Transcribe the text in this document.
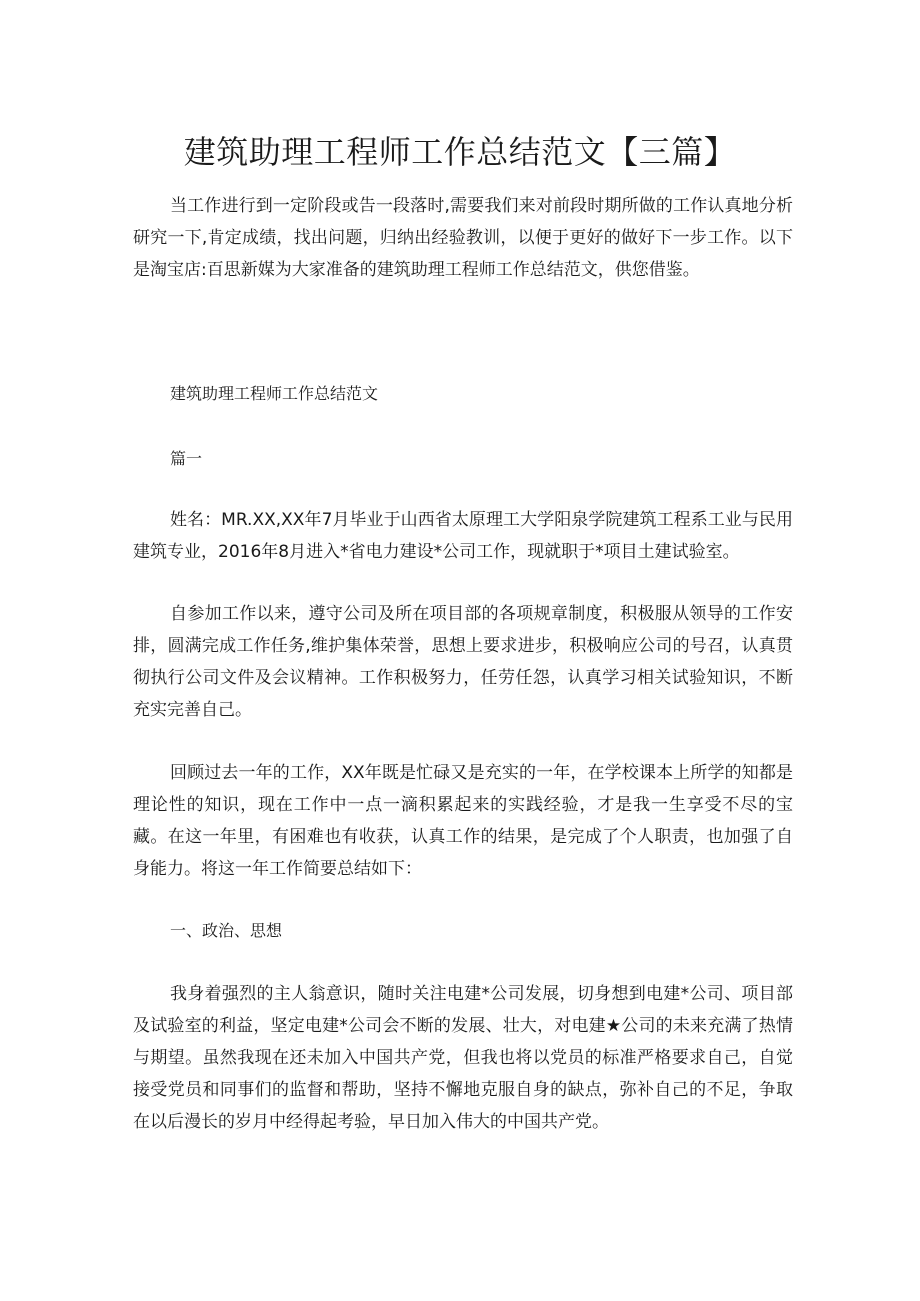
建筑助理工程师工作总结范文【三篇】

当工作进行到一定阶段或告一段落时,需要我们来对前段时期所做的工作认真地分析研究一下,肯定成绩，找出问题，归纳出经验教训，以便于更好的做好下一步工作。以下是淘宝店:百思新媒为大家准备的建筑助理工程师工作总结范文，供您借鉴。

建筑助理工程师工作总结范文

篇一

姓名：MR.XX,XX年7月毕业于山西省太原理工大学阳泉学院建筑工程系工业与民用建筑专业，2016年8月进入*省电力建设*公司工作，现就职于*项目土建试验室。

自参加工作以来，遵守公司及所在项目部的各项规章制度，积极服从领导的工作安排，圆满完成工作任务,维护集体荣誉，思想上要求进步，积极响应公司的号召，认真贯彻执行公司文件及会议精神。工作积极努力，任劳任怨，认真学习相关试验知识，不断充实完善自己。

回顾过去一年的工作，XX年既是忙碌又是充实的一年，在学校课本上所学的知都是理论性的知识，现在工作中一点一滴积累起来的实践经验，才是我一生享受不尽的宝藏。在这一年里，有困难也有收获，认真工作的结果，是完成了个人职责，也加强了自身能力。将这一年工作简要总结如下：

一、政治、思想

我身着强烈的主人翁意识，随时关注电建*公司发展，切身想到电建*公司、项目部及试验室的利益，坚定电建*公司会不断的发展、壮大，对电建★公司的未来充满了热情与期望。虽然我现在还未加入中国共产党，但我也将以党员的标准严格要求自己，自觉接受党员和同事们的监督和帮助，坚持不懈地克服自身的缺点，弥补自己的不足，争取在以后漫长的岁月中经得起考验，早日加入伟大的中国共产党。
